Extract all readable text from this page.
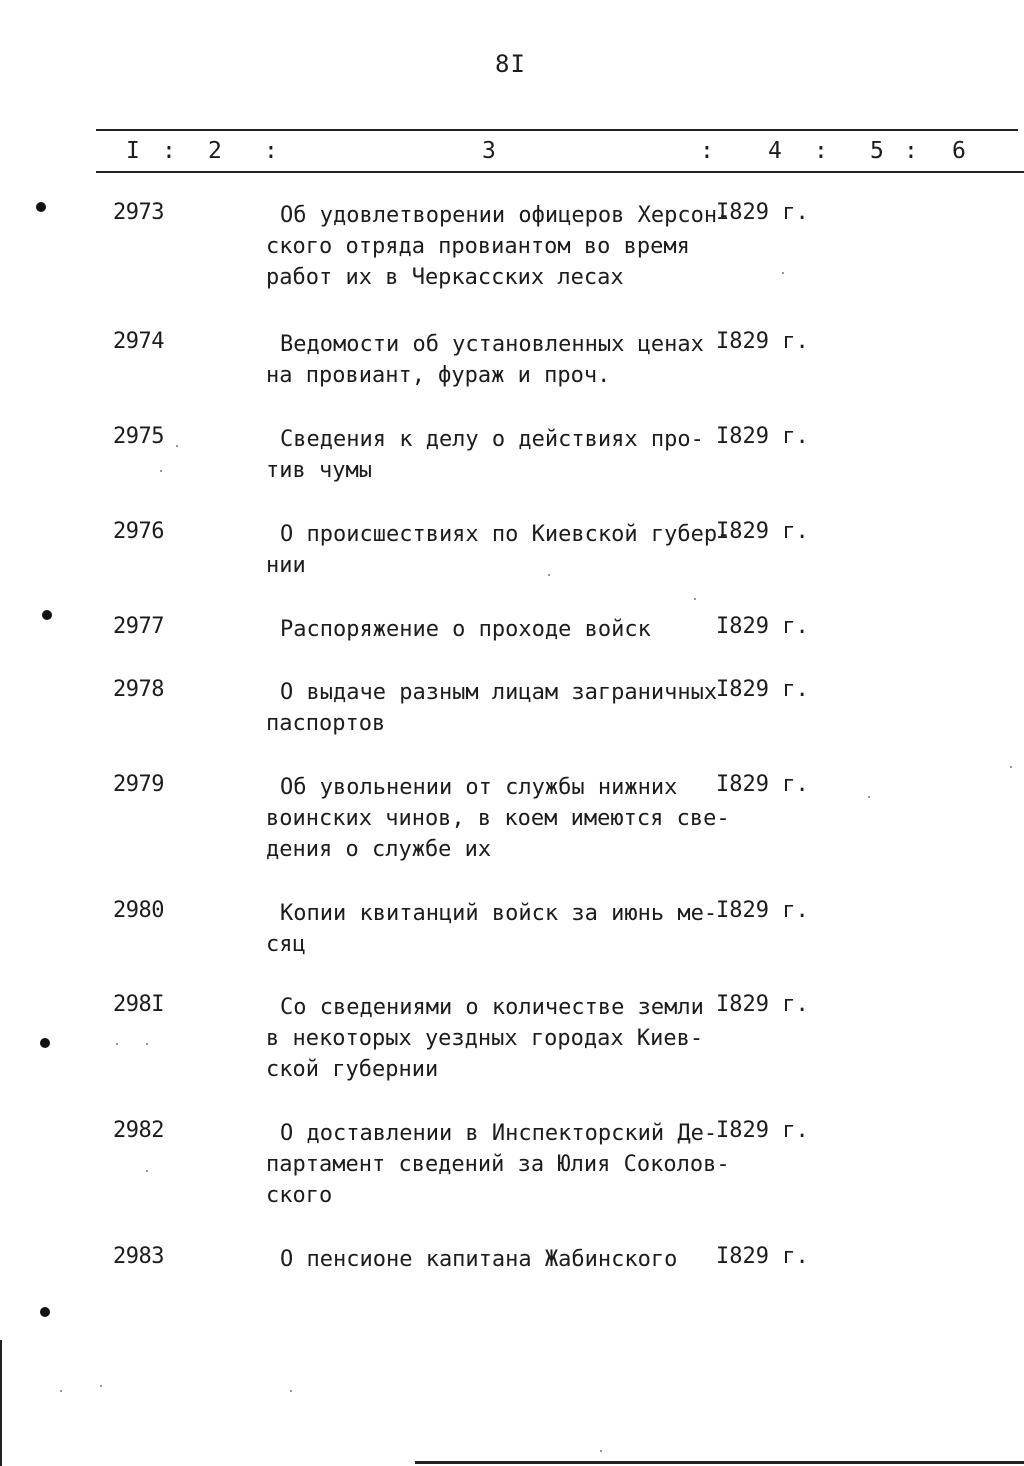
8I
I : 2 :	3	: 4 : 5 : 6
2973	Об удовлетворении офицеров Херсон-
ского отряда провиантом во время
работ их в Черкасских лесах
I829 г.
2974	Ведомости об установленных ценах
на провиант, фураж и проч.
I829 г.
2975	Сведения к делу о действиях про-
тив чумы
I829 г.
2976	О происшествиях по Киевской губер-
нии
I829 г.
2977	Распоряжение о проходе войск	I829 г.
2978	О выдаче разным лицам заграничных
паспортов
I829 г.
2979	Об увольнении от службы нижних
воинских чинов, в коем имеются све-
дения о службе их
I829 г.
2980	Копии квитанций войск за июнь ме-
сяц
I829 г.
298I	Со сведениями о количестве земли
в некоторых уездных городах Киев-
ской губернии
I829 г.
2982	О доставлении в Инспекторский Де-
партамент сведений за Юлия Соколов-
ского
I829 г.
2983	О пенсионе капитана Жабинского	I829 г.
